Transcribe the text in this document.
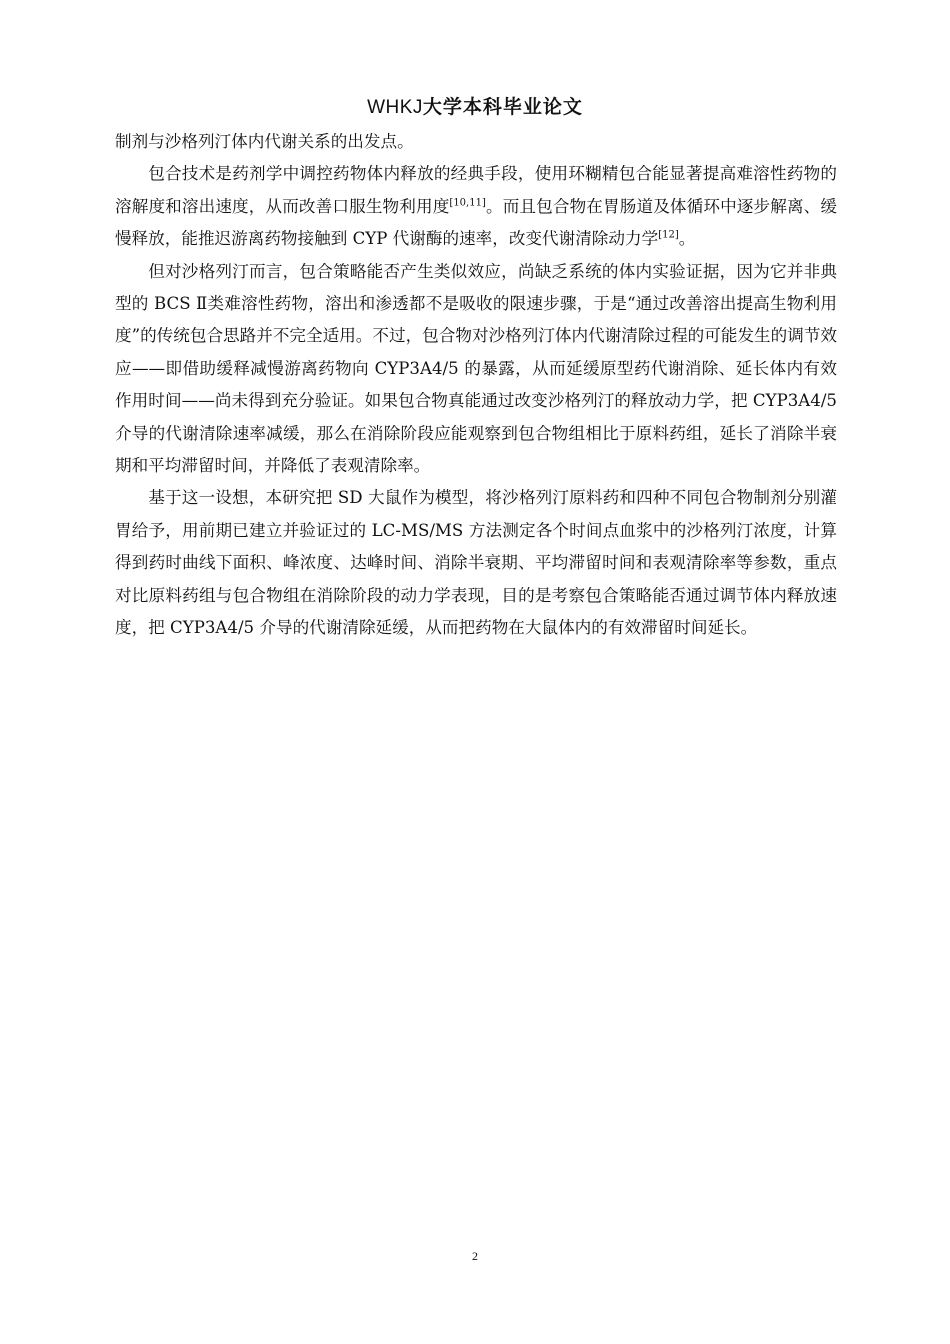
WHKJ大学本科毕业论文

制剂与沙格列汀体内代谢关系的出发点。

包合技术是药剂学中调控药物体内释放的经典手段，使用环糊精包合能显著提高难溶性药物的溶解度和溶出速度，从而改善口服生物利用度[10,11]。而且包合物在胃肠道及体循环中逐步解离、缓慢释放，能推迟游离药物接触到 CYP 代谢酶的速率，改变代谢清除动力学[12]。

但对沙格列汀而言，包合策略能否产生类似效应，尚缺乏系统的体内实验证据，因为它并非典型的 BCS Ⅱ类难溶性药物，溶出和渗透都不是吸收的限速步骤，于是“通过改善溶出提高生物利用度”的传统包合思路并不完全适用。不过，包合物对沙格列汀体内代谢清除过程的可能发生的调节效应——即借助缓释减慢游离药物向 CYP3A4/5 的暴露，从而延缓原型药代谢消除、延长体内有效作用时间——尚未得到充分验证。如果包合物真能通过改变沙格列汀的释放动力学，把 CYP3A4/5 介导的代谢清除速率减缓，那么在消除阶段应能观察到包合物组相比于原料药组，延长了消除半衰期和平均滞留时间，并降低了表观清除率。

基于这一设想，本研究把 SD 大鼠作为模型，将沙格列汀原料药和四种不同包合物制剂分别灌胃给予，用前期已建立并验证过的 LC-MS/MS 方法测定各个时间点血浆中的沙格列汀浓度，计算得到药时曲线下面积、峰浓度、达峰时间、消除半衰期、平均滞留时间和表观清除率等参数，重点对比原料药组与包合物组在消除阶段的动力学表现，目的是考察包合策略能否通过调节体内释放速度，把 CYP3A4/5 介导的代谢清除延缓，从而把药物在大鼠体内的有效滞留时间延长。

2
